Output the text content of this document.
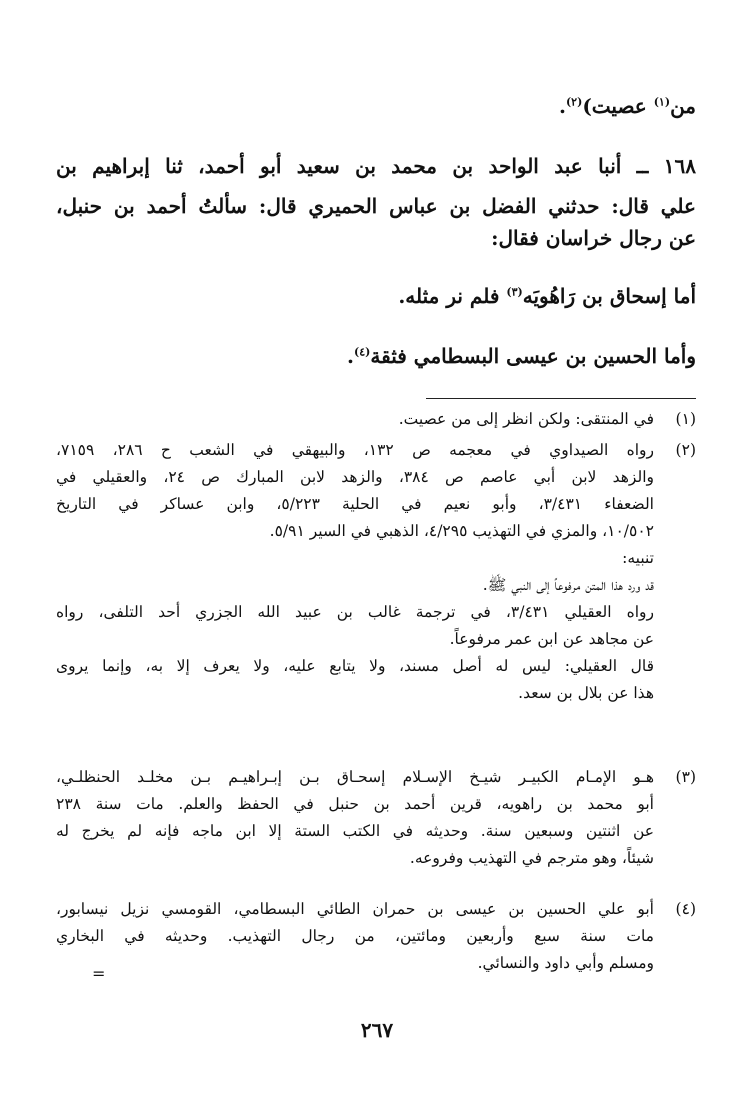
من$^{(١)}$ عصيت)$^{(٢)}$.
١٦٨ ــ أنبا عبد الواحد بن محمد بن سعيد أبو أحمد، ثنا إبراهيم بن
علي قال: حدثني الفضل بن عباس الحميري قال: سألتُ أحمد بن حنبل،
عن رجال خراسان فقال:
أما إسحاق بن رَاهُويَه$^{(٣)}$ فلم نر مثله.
وأما الحسين بن عيسى البسطامي فثقة$^{(٤)}$.
(١)
في المنتقى: ولكن انظر إلى من عصيت.
(٢)
رواه الصيداوي في معجمه ص ١٣٢، والبيهقي في الشعب ح ٢٨٦، ٧١٥٩،
والزهد لابن أبي عاصم ص ٣٨٤، والزهد لابن المبارك ص ٢٤، والعقيلي في
الضعفاء ٣/٤٣١، وأبو نعيم في الحلية ٥/٢٢٣، وابن عساكر في التاريخ
١٠/٥٠٢، والمزي في التهذيب ٤/٢٩٥، الذهبي في السير ٥/٩١.
تنبيه:
قد ورد هذا المتن مرفوعاً إلى النبي ﷺ.
رواه العقيلي ٣/٤٣١، في ترجمة غالب بن عبيد الله الجزري أحد التلفى، رواه
عن مجاهد عن ابن عمر مرفوعاً.
قال العقيلي: ليس له أصل مسند، ولا يتابع عليه، ولا يعرف إلا به، وإنما يروى
هذا عن بلال بن سعد.
(٣)
هـو الإمـام الكبيـر شيـخ الإسـلام إسحـاق بـن إبـراهيـم بـن مخلـد الحنظلـي،
أبو محمد بن راهويه، قرين أحمد بن حنبل في الحفظ والعلم. مات سنة ٢٣٨
عن اثنتين وسبعين سنة. وحديثه في الكتب الستة إلا ابن ماجه فإنه لم يخرج له
شيئاً، وهو مترجم في التهذيب وفروعه.
(٤)
أبو علي الحسين بن عيسى بن حمران الطائي البسطامي، القومسي نزيل نيسابور،
مات سنة سبع وأربعين ومائتين، من رجال التهذيب. وحديثه في البخاري
ومسلم وأبي داود والنسائي.
=
٢٦٧
